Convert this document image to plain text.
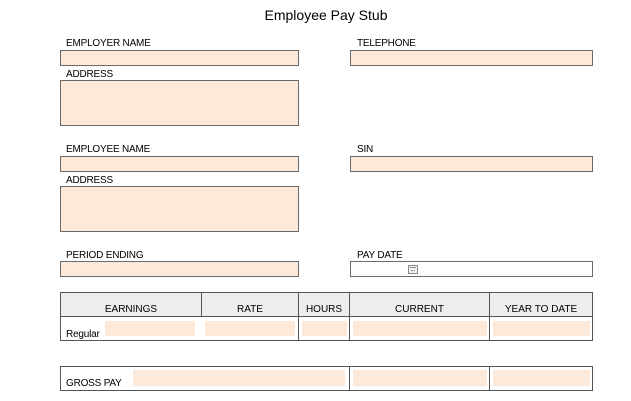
Employee Pay Stub
EMPLOYER NAME	TELEPHONE
ADDRESS
EMPLOYEE NAME	SIN
ADDRESS
PERIOD ENDING	PAY DATE
EARNINGS	RATE	HOURS	CURRENT	YEAR TO DATE
Regular
GROSS PAY
